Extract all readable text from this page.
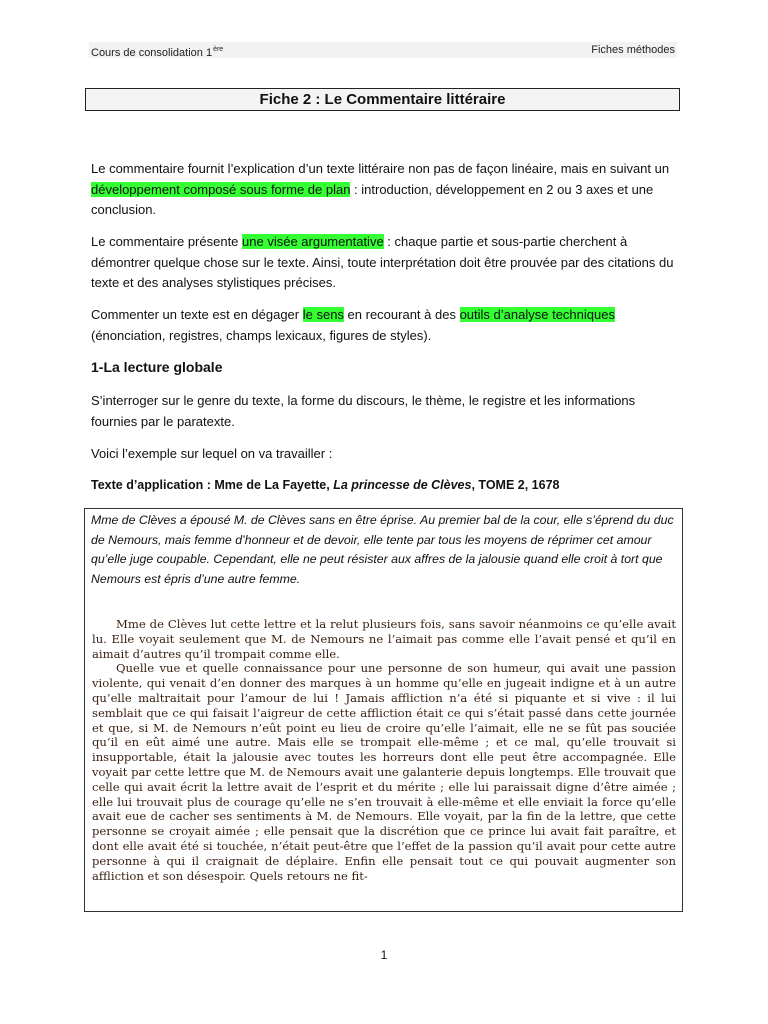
Cours de consolidation 1ère	Fiches méthodes
Fiche 2 : Le Commentaire littéraire

Le commentaire fournit l’explication d’un texte littéraire non pas de façon linéaire, mais en suivant un développement composé sous forme de plan : introduction, développement en 2 ou 3 axes et une conclusion.

Le commentaire présente une visée argumentative : chaque partie et sous-partie cherchent à démontrer quelque chose sur le texte. Ainsi, toute interprétation doit être prouvée par des citations du texte et des analyses stylistiques précises.

Commenter un texte est en dégager le sens en recourant à des outils d’analyse techniques (énonciation, registres, champs lexicaux, figures de styles).

1-La lecture globale

S’interroger sur le genre du texte, la forme du discours, le thème, le registre et les informations fournies par le paratexte.

Voici l’exemple sur lequel on va travailler :

Texte d’application : Mme de La Fayette, La princesse de Clèves, TOME 2, 1678

Mme de Clèves a épousé M. de Clèves sans en être éprise. Au premier bal de la cour, elle s’éprend du duc de Nemours, mais femme d’honneur et de devoir, elle tente par tous les moyens de réprimer cet amour qu’elle juge coupable. Cependant, elle ne peut résister aux affres de la jalousie quand elle croit à tort que Nemours est épris d’une autre femme.

Mme de Clèves lut cette lettre et la relut plusieurs fois, sans savoir néanmoins ce qu’elle avait lu. Elle voyait seulement que M. de Nemours ne l’aimait pas comme elle l’avait pensé et qu’il en aimait d’autres qu’il trompait comme elle.

Quelle vue et quelle connaissance pour une personne de son humeur, qui avait une passion violente, qui venait d’en donner des marques à un homme qu’elle en jugeait indigne et à un autre qu’elle maltraitait pour l’amour de lui ! Jamais affliction n’a été si piquante et si vive : il lui semblait que ce qui faisait l’aigreur de cette affliction était ce qui s’était passé dans cette journée et que, si M. de Nemours n’eût point eu lieu de croire qu’elle l’aimait, elle ne se fût pas souciée qu’il en eût aimé une autre. Mais elle se trompait elle-même ; et ce mal, qu’elle trouvait si insupportable, était la jalousie avec toutes les horreurs dont elle peut être accompagnée. Elle voyait par cette lettre que M. de Nemours avait une galanterie depuis longtemps. Elle trouvait que celle qui avait écrit la lettre avait de l’esprit et du mérite ; elle lui paraissait digne d’être aimée ; elle lui trouvait plus de courage qu’elle ne s’en trouvait à elle-même et elle enviait la force qu’elle avait eue de cacher ses sentiments à M. de Nemours. Elle voyait, par la fin de la lettre, que cette personne se croyait aimée ; elle pensait que la discrétion que ce prince lui avait fait paraître, et dont elle avait été si touchée, n’était peut-être que l’effet de la passion qu’il avait pour cette autre personne à qui il craignait de déplaire. Enfin elle pensait tout ce qui pouvait augmenter son affliction et son désespoir. Quels retours ne fit-

1
